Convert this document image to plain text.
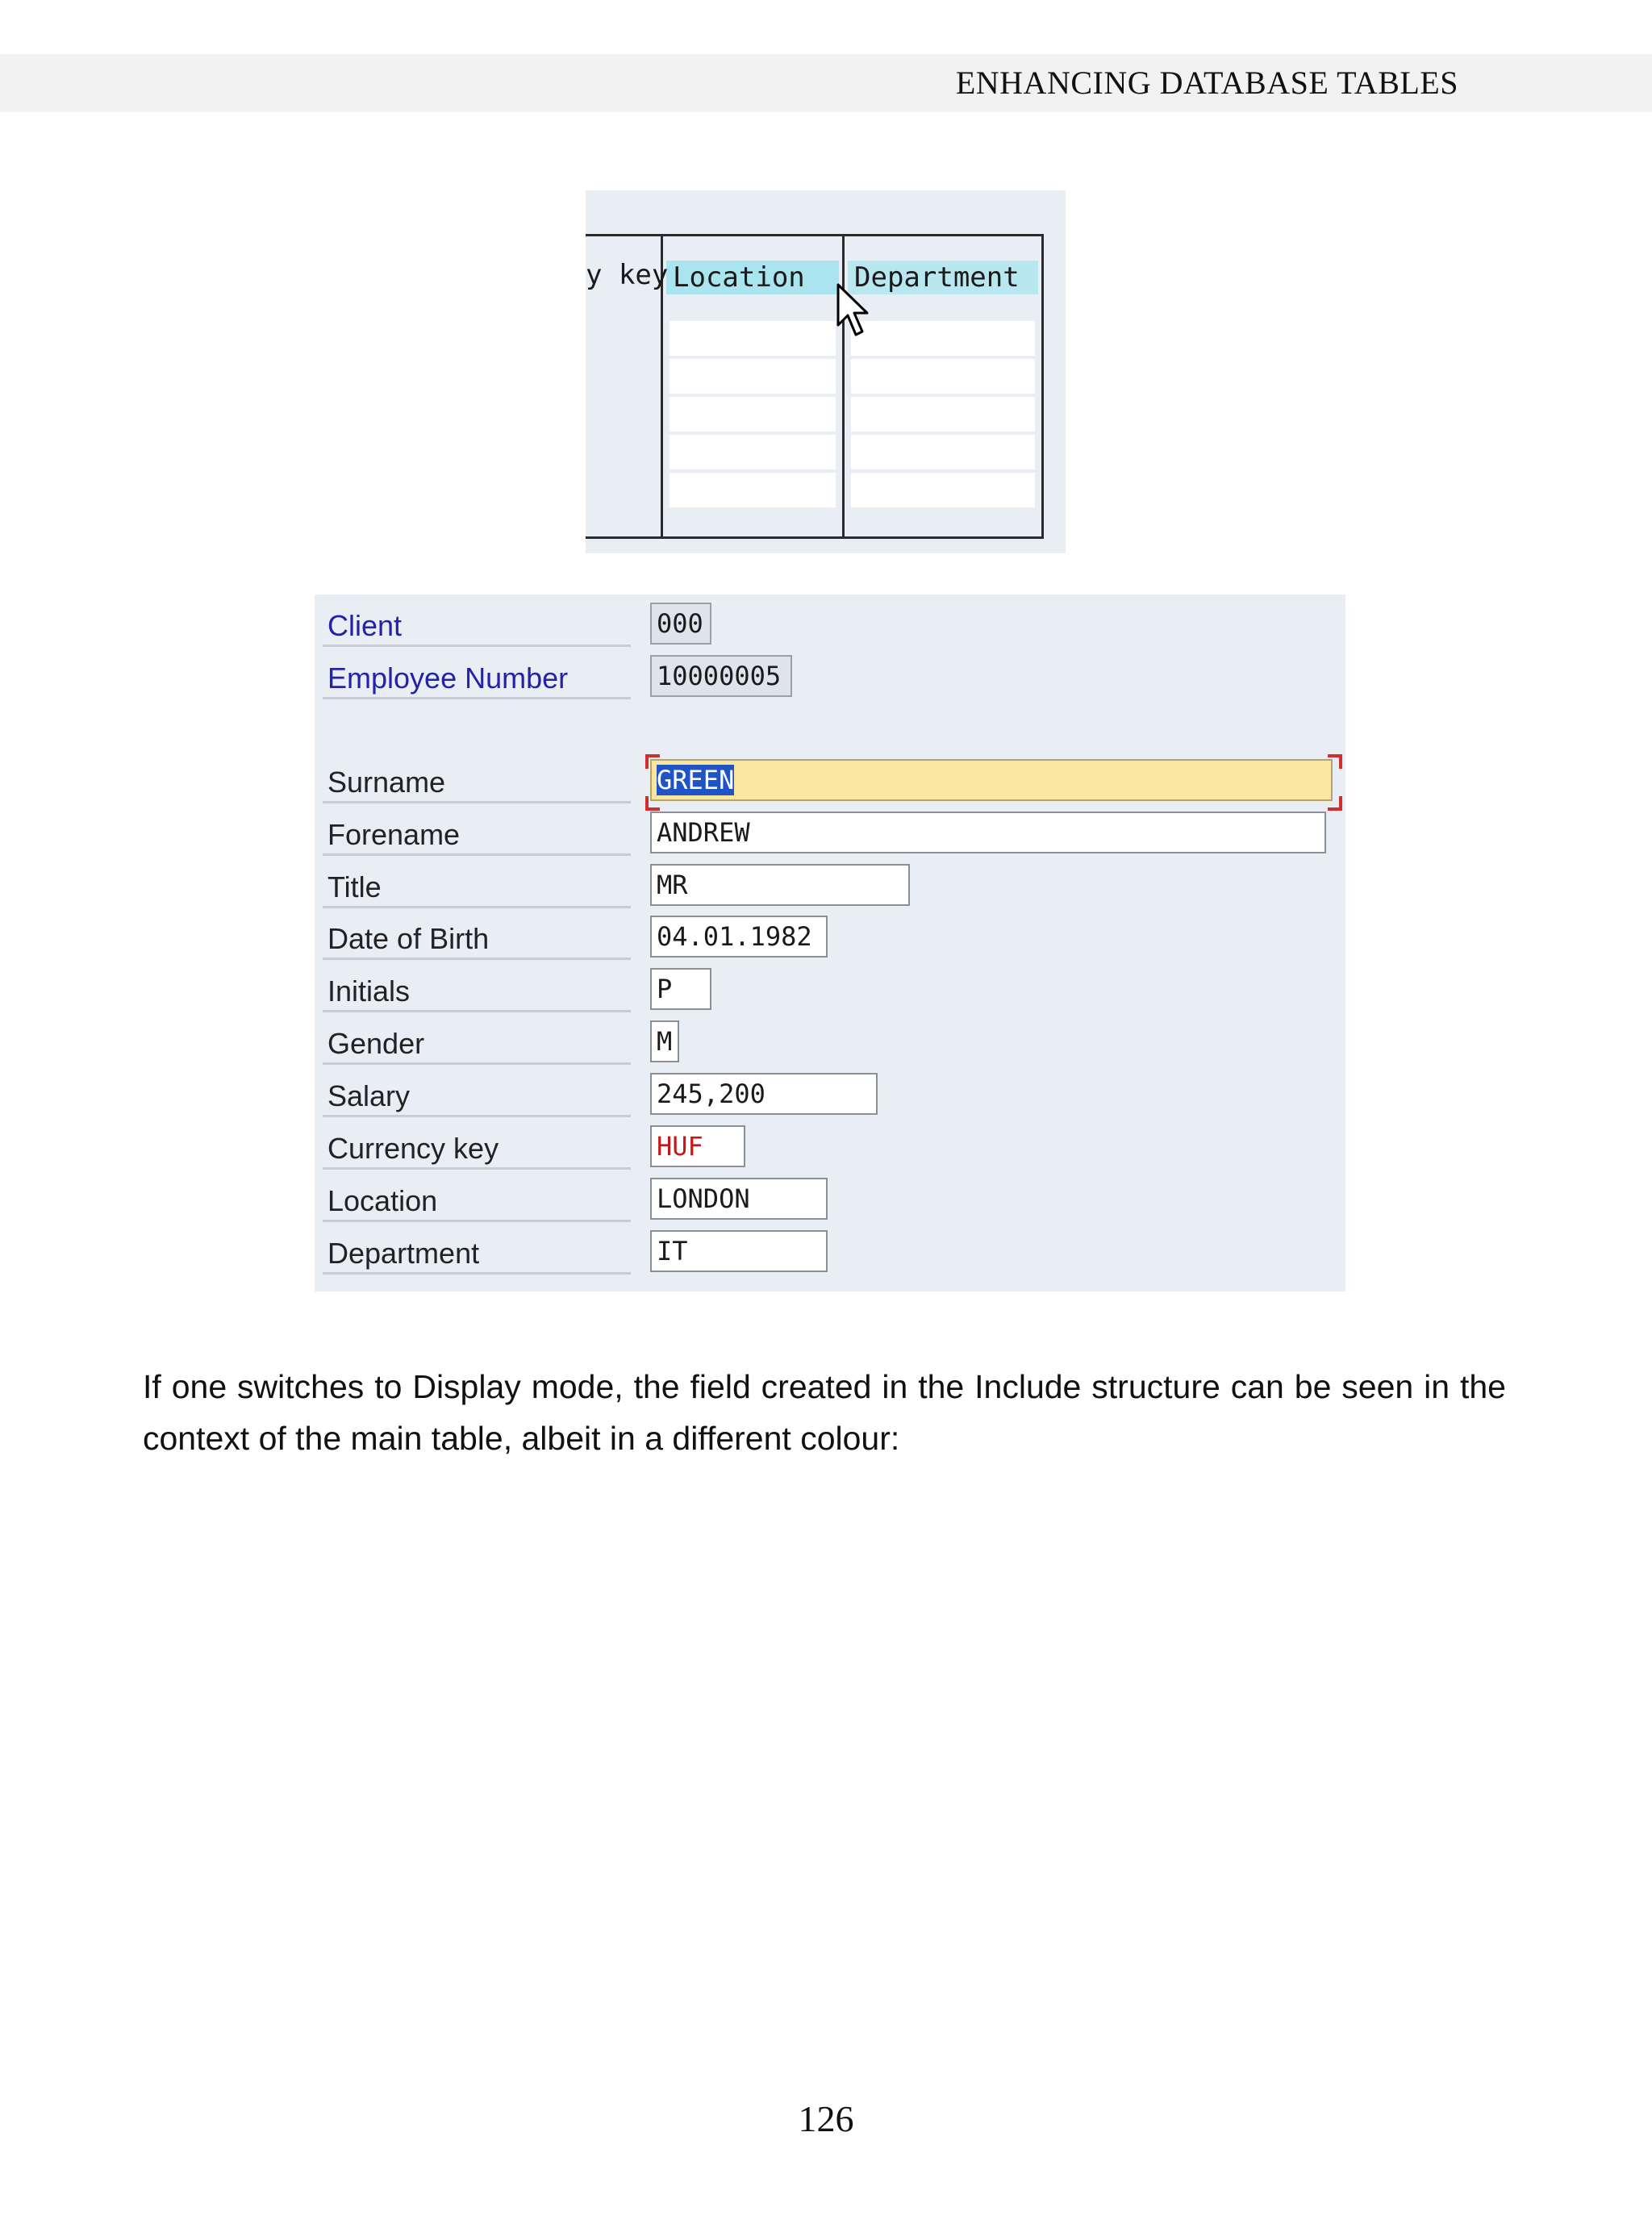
ENHANCING DATABASE TABLES
Location	Department
y key
Client	000
Employee Number	10000005
Surname	GREEN
Forename	ANDREW
Title	MR
Date of Birth	04.01.1982
Initials	P
Gender	M
Salary	245,200
Currency key	HUF
Location	LONDON
Department	IT

If one switches to Display mode, the field created in the Include structure can be seen in the context of the main table, albeit in a different colour:

126
